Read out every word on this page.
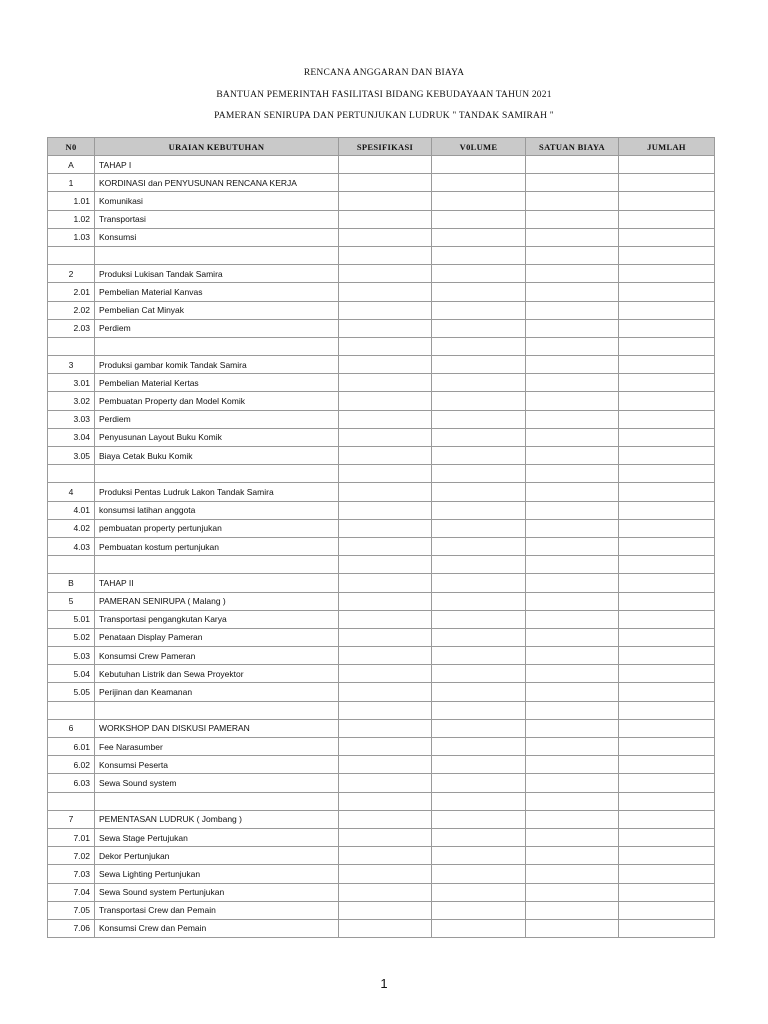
RENCANA ANGGARAN DAN BIAYA
BANTUAN PEMERINTAH FASILITASI BIDANG KEBUDAYAAN TAHUN 2021
PAMERAN SENIRUPA DAN PERTUNJUKAN LUDRUK " TANDAK SAMIRAH "
N0	URAIAN KEBUTUHAN	SPESIFIKASI	V0LUME	SATUAN BIAYA	JUMLAH
A	TAHAP I				
1	KORDINASI dan PENYUSUNAN RENCANA KERJA				
1.01	Komunikasi				
1.02	Transportasi				
1.03	Konsumsi				

2	Produksi Lukisan Tandak Samira				
2.01	Pembelian Material Kanvas				
2.02	Pembelian Cat Minyak				
2.03	Perdiem				

3	Produksi gambar komik Tandak Samira				
3.01	Pembelian Material Kertas				
3.02	Pembuatan Property dan Model Komik				
3.03	Perdiem				
3.04	Penyusunan Layout Buku Komik				
3.05	Biaya Cetak Buku Komik				

4	Produksi Pentas Ludruk Lakon Tandak Samira				
4.01	konsumsi latihan anggota				
4.02	pembuatan property pertunjukan				
4.03	Pembuatan kostum pertunjukan				

B	TAHAP II				
5	PAMERAN SENIRUPA ( Malang )				
5.01	Transportasi pengangkutan Karya				
5.02	Penataan Display Pameran				
5.03	Konsumsi Crew Pameran				
5.04	Kebutuhan Listrik dan Sewa Proyektor				
5.05	Perijinan dan Keamanan				

6	WORKSHOP DAN DISKUSI PAMERAN				
6.01	Fee Narasumber				
6.02	Konsumsi Peserta				
6.03	Sewa Sound system				

7	PEMENTASAN LUDRUK ( Jombang )				
7.01	Sewa Stage Pertujukan				
7.02	Dekor Pertunjukan				
7.03	Sewa Lighting Pertunjukan				
7.04	Sewa Sound system Pertunjukan				
7.05	Transportasi Crew dan Pemain				
7.06	Konsumsi Crew dan Pemain				
1
